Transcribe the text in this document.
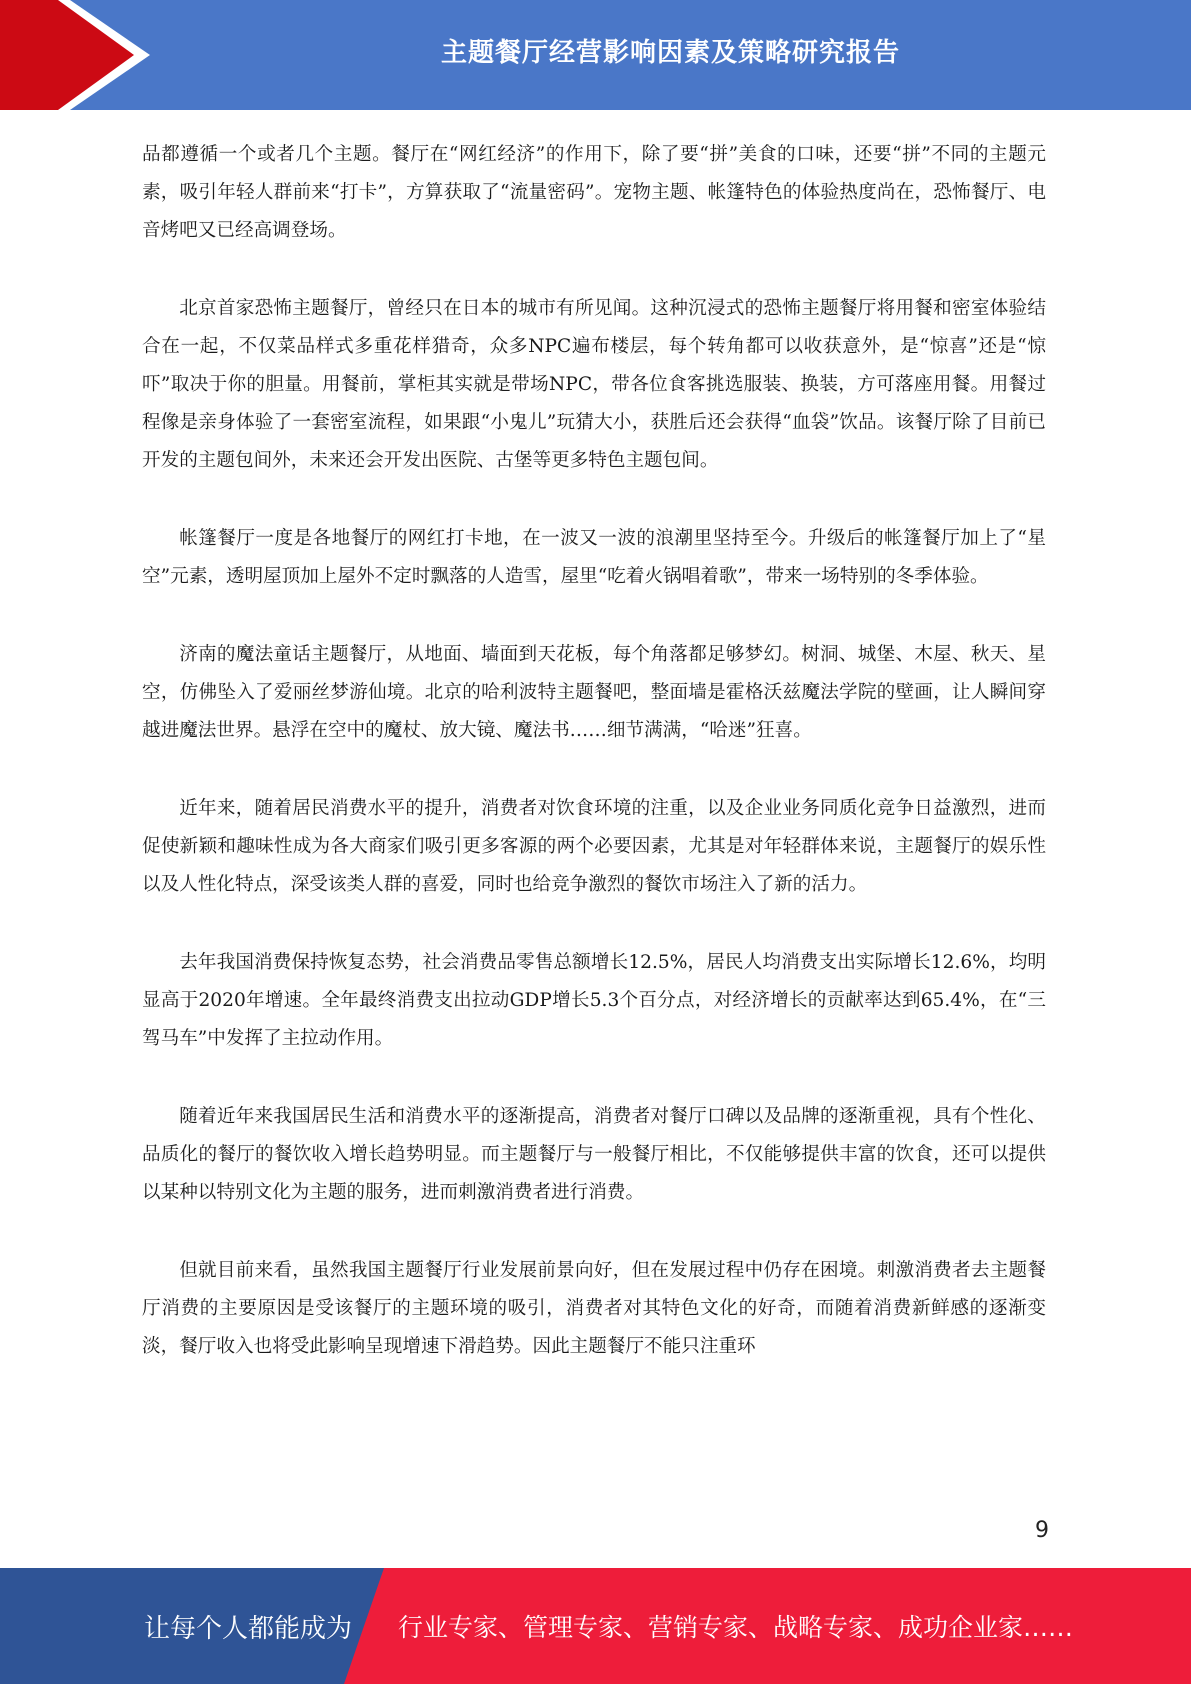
主题餐厅经营影响因素及策略研究报告

品都遵循一个或者几个主题。餐厅在“网红经济”的作用下，除了要“拼”美食的口味，还要“拼”不同的主题元素，吸引年轻人群前来“打卡”，方算获取了“流量密码”。宠物主题、帐篷特色的体验热度尚在，恐怖餐厅、电音烤吧又已经高调登场。

北京首家恐怖主题餐厅，曾经只在日本的城市有所见闻。这种沉浸式的恐怖主题餐厅将用餐和密室体验结合在一起，不仅菜品样式多重花样猎奇，众多NPC遍布楼层，每个转角都可以收获意外，是“惊喜”还是“惊吓”取决于你的胆量。用餐前，掌柜其实就是带场NPC，带各位食客挑选服装、换装，方可落座用餐。用餐过程像是亲身体验了一套密室流程，如果跟“小鬼儿”玩猜大小，获胜后还会获得“血袋”饮品。该餐厅除了目前已开发的主题包间外，未来还会开发出医院、古堡等更多特色主题包间。

帐篷餐厅一度是各地餐厅的网红打卡地，在一波又一波的浪潮里坚持至今。升级后的帐篷餐厅加上了“星空”元素，透明屋顶加上屋外不定时飘落的人造雪，屋里“吃着火锅唱着歌”，带来一场特别的冬季体验。

济南的魔法童话主题餐厅，从地面、墙面到天花板，每个角落都足够梦幻。树洞、城堡、木屋、秋天、星空，仿佛坠入了爱丽丝梦游仙境。北京的哈利波特主题餐吧，整面墙是霍格沃兹魔法学院的壁画，让人瞬间穿越进魔法世界。悬浮在空中的魔杖、放大镜、魔法书……细节满满，“哈迷”狂喜。

近年来，随着居民消费水平的提升，消费者对饮食环境的注重，以及企业业务同质化竞争日益激烈，进而促使新颖和趣味性成为各大商家们吸引更多客源的两个必要因素，尤其是对年轻群体来说，主题餐厅的娱乐性以及人性化特点，深受该类人群的喜爱，同时也给竞争激烈的餐饮市场注入了新的活力。

去年我国消费保持恢复态势，社会消费品零售总额增长12.5%，居民人均消费支出实际增长12.6%，均明显高于2020年增速。全年最终消费支出拉动GDP增长5.3个百分点，对经济增长的贡献率达到65.4%，在“三驾马车”中发挥了主拉动作用。

随着近年来我国居民生活和消费水平的逐渐提高，消费者对餐厅口碑以及品牌的逐渐重视，具有个性化、品质化的餐厅的餐饮收入增长趋势明显。而主题餐厅与一般餐厅相比，不仅能够提供丰富的饮食，还可以提供以某种以特别文化为主题的服务，进而刺激消费者进行消费。

但就目前来看，虽然我国主题餐厅行业发展前景向好，但在发展过程中仍存在困境。刺激消费者去主题餐厅消费的主要原因是受该餐厅的主题环境的吸引，消费者对其特色文化的好奇，而随着消费新鲜感的逐渐变淡，餐厅收入也将受此影响呈现增速下滑趋势。因此主题餐厅不能只注重环

9
让每个人都能成为 行业专家、管理专家、营销专家、战略专家、成功企业家……
